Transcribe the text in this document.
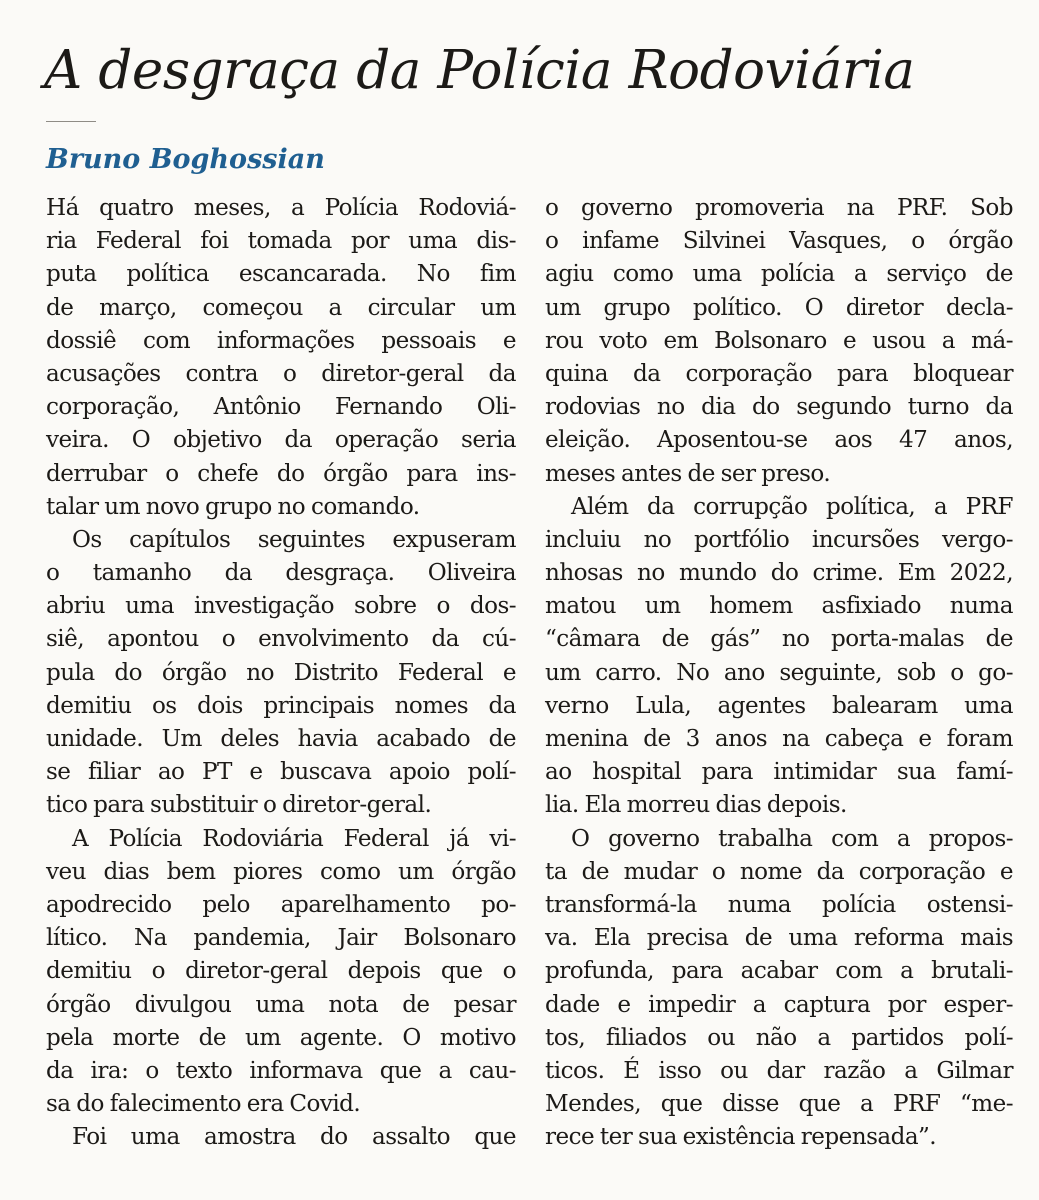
A desgraça da Polícia Rodoviária

Bruno Boghossian

Há quatro meses, a Polícia Rodoviá-
ria Federal foi tomada por uma dis-
puta política escancarada. No fim
de março, começou a circular um
dossiê com informações pessoais e
acusações contra o diretor-geral da
corporação, Antônio Fernando Oli-
veira. O objetivo da operação seria
derrubar o chefe do órgão para ins-
talar um novo grupo no comando.
Os capítulos seguintes expuseram
o tamanho da desgraça. Oliveira
abriu uma investigação sobre o dos-
siê, apontou o envolvimento da cú-
pula do órgão no Distrito Federal e
demitiu os dois principais nomes da
unidade. Um deles havia acabado de
se filiar ao PT e buscava apoio polí-
tico para substituir o diretor-geral.
A Polícia Rodoviária Federal já vi-
veu dias bem piores como um órgão
apodrecido pelo aparelhamento po-
lítico. Na pandemia, Jair Bolsonaro
demitiu o diretor-geral depois que o
órgão divulgou uma nota de pesar
pela morte de um agente. O motivo
da ira: o texto informava que a cau-
sa do falecimento era Covid.
Foi uma amostra do assalto que
o governo promoveria na PRF. Sob
o infame Silvinei Vasques, o órgão
agiu como uma polícia a serviço de
um grupo político. O diretor decla-
rou voto em Bolsonaro e usou a má-
quina da corporação para bloquear
rodovias no dia do segundo turno da
eleição. Aposentou-se aos 47 anos,
meses antes de ser preso.
Além da corrupção política, a PRF
incluiu no portfólio incursões vergo-
nhosas no mundo do crime. Em 2022,
matou um homem asfixiado numa
“câmara de gás” no porta-malas de
um carro. No ano seguinte, sob o go-
verno Lula, agentes balearam uma
menina de 3 anos na cabeça e foram
ao hospital para intimidar sua famí-
lia. Ela morreu dias depois.
O governo trabalha com a propos-
ta de mudar o nome da corporação e
transformá-la numa polícia ostensi-
va. Ela precisa de uma reforma mais
profunda, para acabar com a brutali-
dade e impedir a captura por esper-
tos, filiados ou não a partidos polí-
ticos. É isso ou dar razão a Gilmar
Mendes, que disse que a PRF “me-
rece ter sua existência repensada”.
